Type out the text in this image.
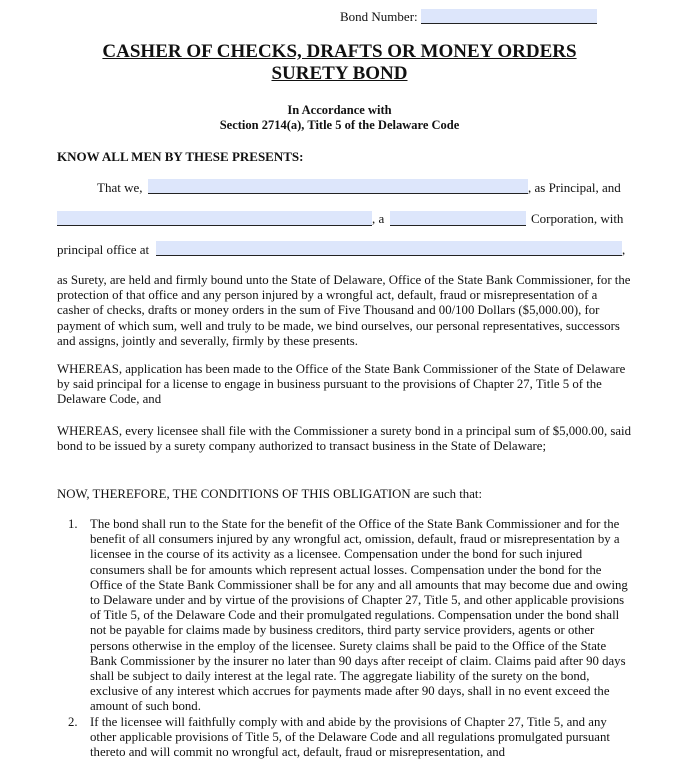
Bond Number:
CASHER OF CHECKS, DRAFTS OR MONEY ORDERS
SURETY BOND
In Accordance with
Section 2714(a), Title 5 of the Delaware Code
KNOW ALL MEN BY THESE PRESENTS:
That we,	, as Principal, and
, a	Corporation, with
principal office at	,
as Surety, are held and firmly bound unto the State of Delaware, Office of the State Bank Commissioner, for the protection of that office and any person injured by a wrongful act, default, fraud or misrepresentation of a casher of checks, drafts or money orders in the sum of Five Thousand and 00/100 Dollars ($5,000.00), for payment of which sum, well and truly to be made, we bind ourselves, our personal representatives, successors and assigns, jointly and severally, firmly by these presents.
WHEREAS, application has been made to the Office of the State Bank Commissioner of the State of Delaware by said principal for a license to engage in business pursuant to the provisions of Chapter 27, Title 5 of the Delaware Code, and
WHEREAS, every licensee shall file with the Commissioner a surety bond in a principal sum of $5,000.00, said bond to be issued by a surety company authorized to transact business in the State of Delaware;
NOW, THEREFORE, THE CONDITIONS OF THIS OBLIGATION are such that:
1. The bond shall run to the State for the benefit of the Office of the State Bank Commissioner and for the benefit of all consumers injured by any wrongful act, omission, default, fraud or misrepresentation by a licensee in the course of its activity as a licensee. Compensation under the bond for such injured consumers shall be for amounts which represent actual losses. Compensation under the bond for the Office of the State Bank Commissioner shall be for any and all amounts that may become due and owing to Delaware under and by virtue of the provisions of Chapter 27, Title 5, and other applicable provisions of Title 5, of the Delaware Code and their promulgated regulations. Compensation under the bond shall not be payable for claims made by business creditors, third party service providers, agents or other persons otherwise in the employ of the licensee. Surety claims shall be paid to the Office of the State Bank Commissioner by the insurer no later than 90 days after receipt of claim. Claims paid after 90 days shall be subject to daily interest at the legal rate. The aggregate liability of the surety on the bond, exclusive of any interest which accrues for payments made after 90 days, shall in no event exceed the amount of such bond.
2. If the licensee will faithfully comply with and abide by the provisions of Chapter 27, Title 5, and any other applicable provisions of Title 5, of the Delaware Code and all regulations promulgated pursuant thereto and will commit no wrongful act, default, fraud or misrepresentation, and
